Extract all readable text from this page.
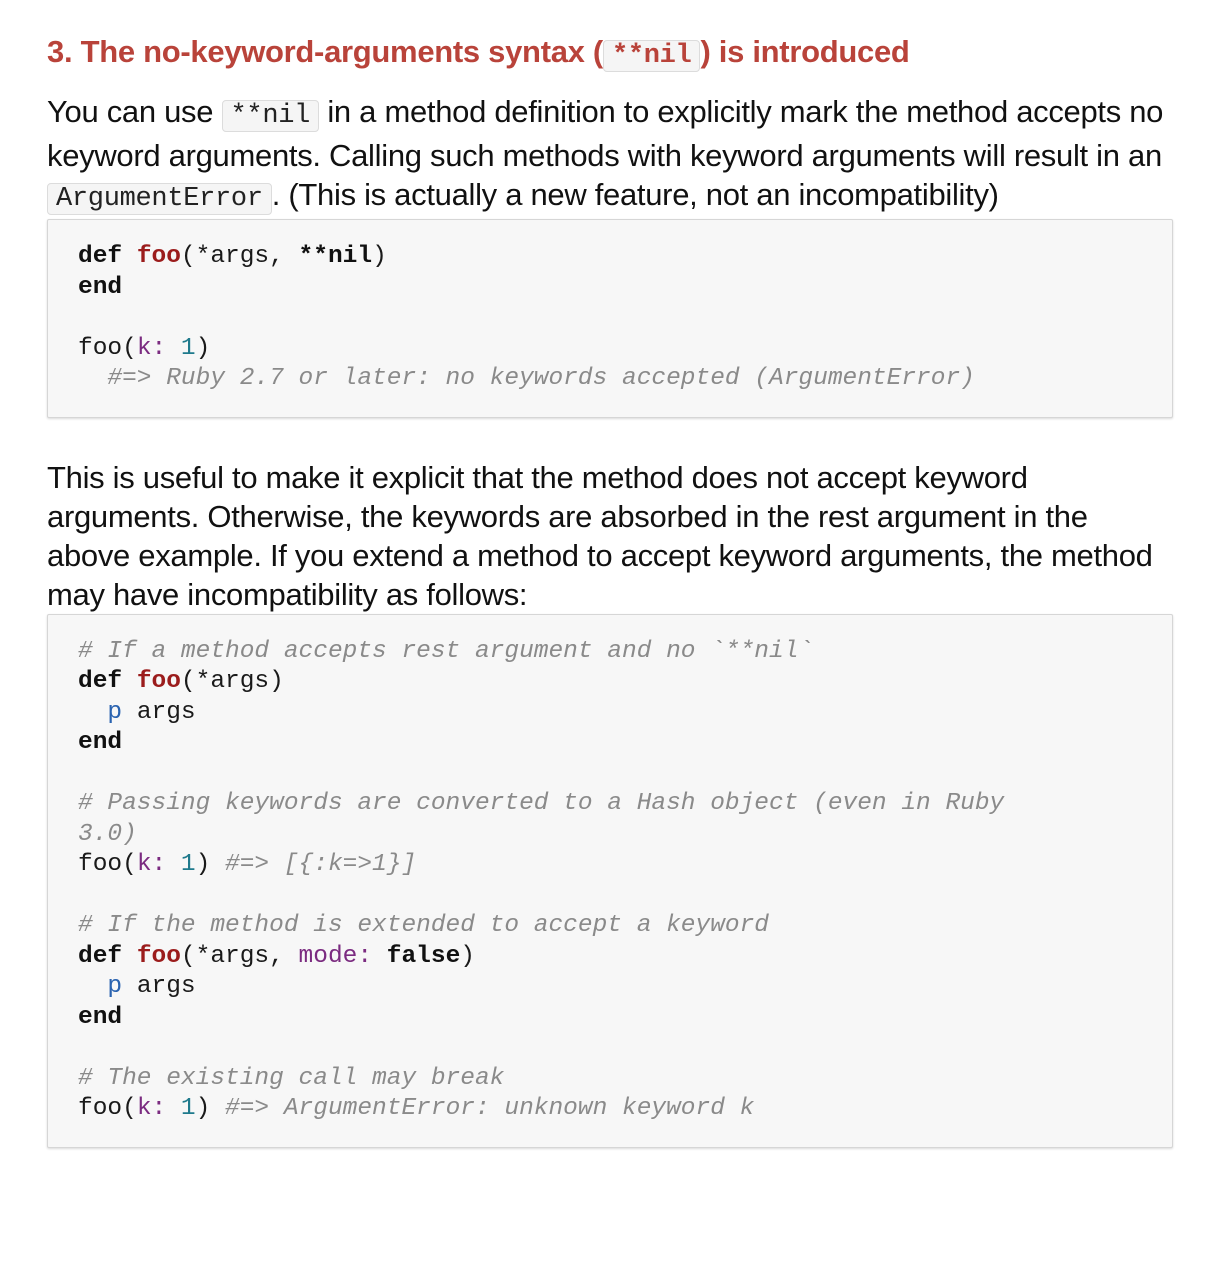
3. The no-keyword-arguments syntax ( **nil ) is introduced

You can use **nil in a method definition to explicitly mark the method accepts no keyword arguments. Calling such methods with keyword arguments will result in an ArgumentError . (This is actually a new feature, not an incompatibility)

def foo(*args, **nil)
end

foo(k: 1)
#=> Ruby 2.7 or later: no keywords accepted (ArgumentError)

This is useful to make it explicit that the method does not accept keyword arguments. Otherwise, the keywords are absorbed in the rest argument in the above example. If you extend a method to accept keyword arguments, the method may have incompatibility as follows:

# If a method accepts rest argument and no `**nil`
def foo(*args)
p args
end

# Passing keywords are converted to a Hash object (even in Ruby
3.0)
foo(k: 1) #=> [{:k=>1}]

# If the method is extended to accept a keyword
def foo(*args, mode: false)
p args
end

# The existing call may break
foo(k: 1) #=> ArgumentError: unknown keyword k
